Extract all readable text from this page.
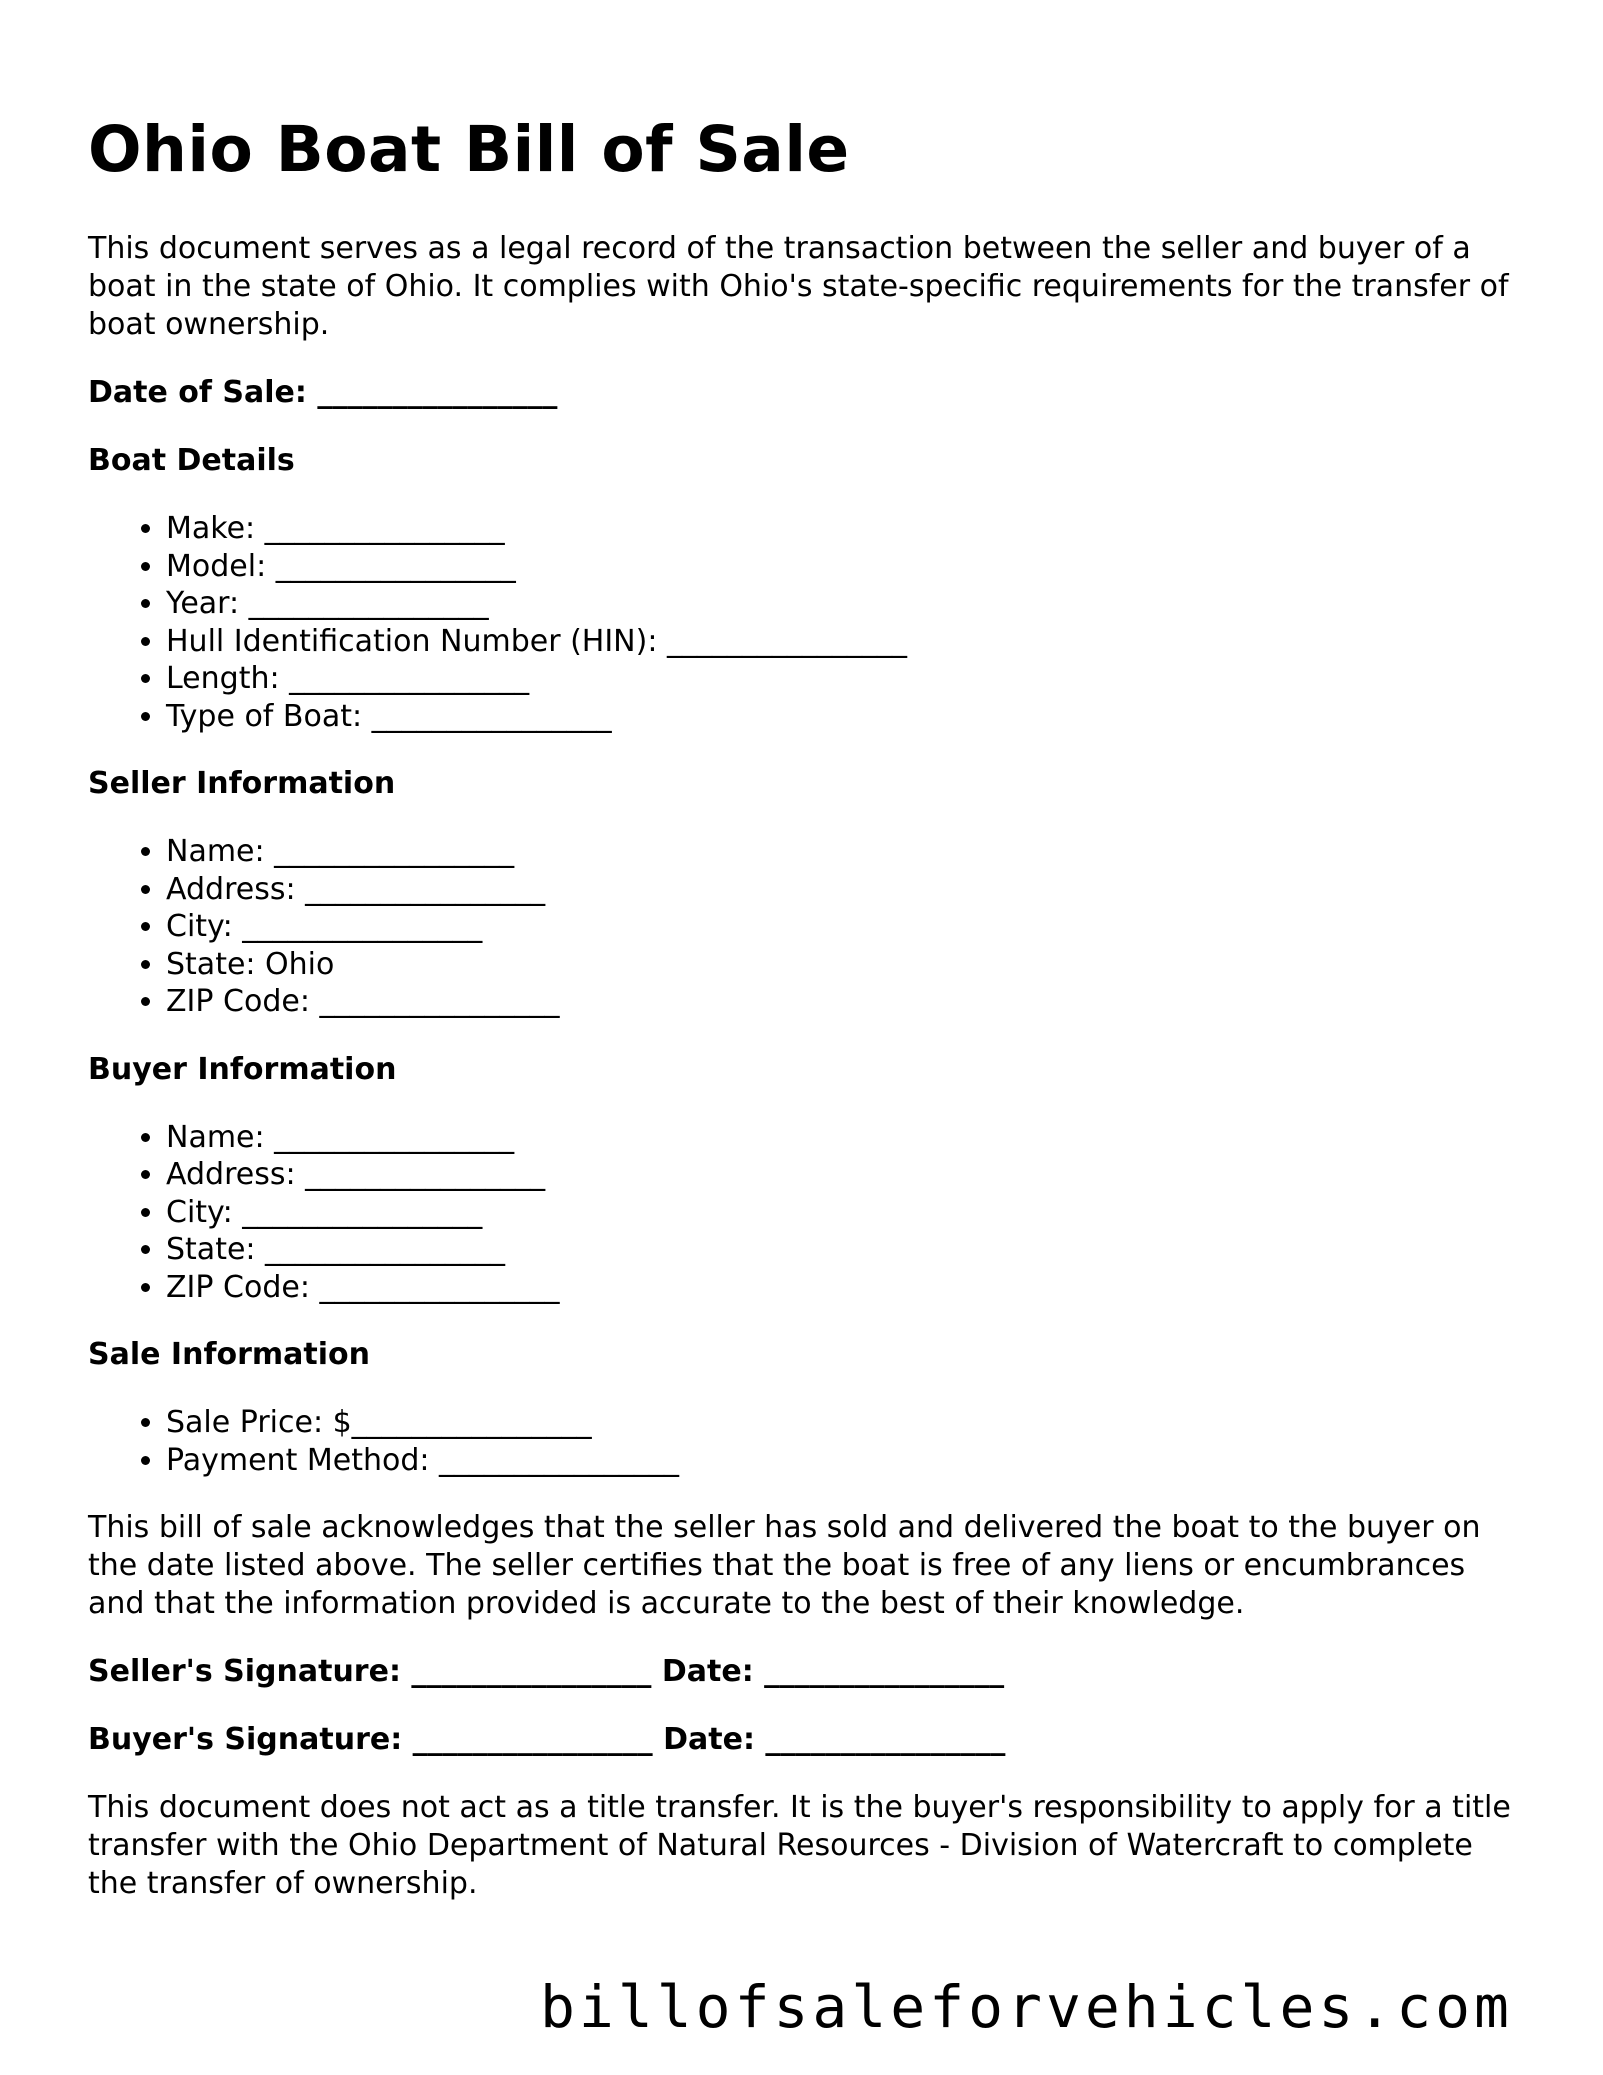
Ohio Boat Bill of Sale

This document serves as a legal record of the transaction between the seller and buyer of a boat in the state of Ohio. It complies with Ohio's state-specific requirements for the transfer of boat ownership.

Date of Sale: ________________
Boat Details
• Make: ________________
• Model: ________________
• Year: ________________
• Hull Identification Number (HIN): ________________
• Length: ________________
• Type of Boat: ________________
Seller Information
• Name: ________________
• Address: ________________
• City: ________________
• State: Ohio
• ZIP Code: ________________
Buyer Information
• Name: ________________
• Address: ________________
• City: ________________
• State: ________________
• ZIP Code: ________________
Sale Information
• Sale Price: $________________
• Payment Method: ________________

This bill of sale acknowledges that the seller has sold and delivered the boat to the buyer on the date listed above. The seller certifies that the boat is free of any liens or encumbrances and that the information provided is accurate to the best of their knowledge.

Seller's Signature: ________________ Date: ________________
Buyer's Signature: ________________ Date: ________________

This document does not act as a title transfer. It is the buyer's responsibility to apply for a title transfer with the Ohio Department of Natural Resources - Division of Watercraft to complete the transfer of ownership.

billofsaleforvehicles.com
